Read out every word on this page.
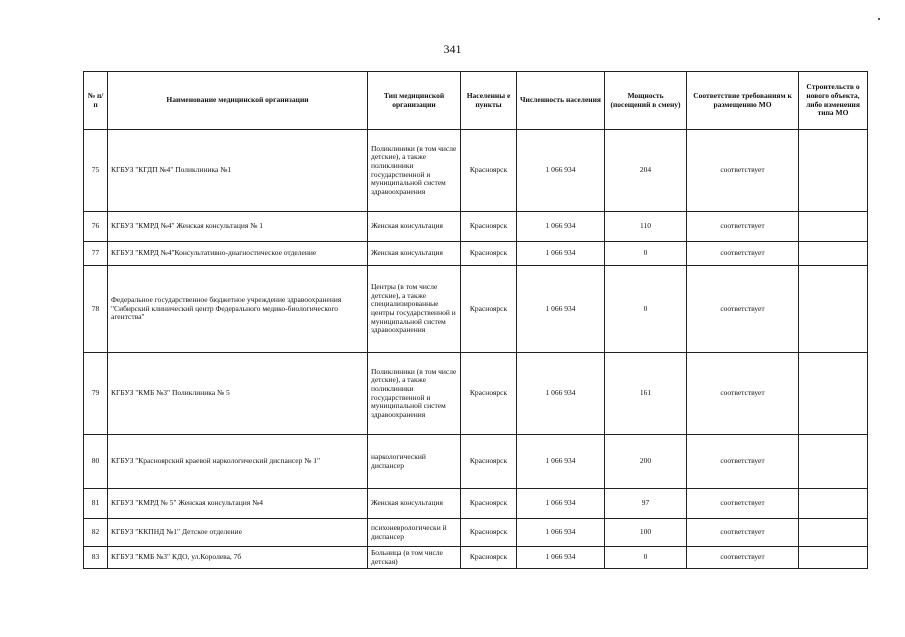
341
№ п/п	Наименование медицинской организации	Тип медицинской организации	Населенны е пункты	Численность населения	Мощность (посещений в смену)	Соответствие требованиям к размещению МО	Строительств о нового объекта, либо изменения типа МО
75	КГБУЗ "КГДП №4" Поликлиника №1	Поликлиники (в том числе детские), а также поликлиники государственной и муниципальной систем здравоохранения	Красноярск	1 066 934	204	соответствует	
76	КГБУЗ "КМРД №4" Женская консультация № 1	Женская консультация	Красноярск	1 066 934	110	соответствует	
77	КГБУЗ "КМРД №4"Консультативно-диагностическое отделение	Женская консультация	Красноярск	1 066 934	0	соответствует	
78	Федеральное государственное бюджетное учреждение здравоохранения "Сибирский клинический центр Федерального медико-биологического агентства"	Центры (в том числе детские), а также специализированные центры государственной и муниципальной систем здравоохранения	Красноярск	1 066 934	0	соответствует	
79	КГБУЗ "КМБ №3" Поликлиника № 5	Поликлиники (в том числе детские), а также поликлиники государственной и муниципальной систем здравоохранения	Красноярск	1 066 934	161	соответствует	
80	КГБУЗ "Красноярский краевой наркологический диспансер № 1"	наркологический диспансер	Красноярск	1 066 934	200	соответствует	
81	КГБУЗ "КМРД № 5" Женская консультация №4	Женская консультация	Красноярск	1 066 934	97	соответствует	
82	КГБУЗ "ККПНД №1" Детское отделение	психоневрологически й диспансер	Красноярск	1 066 934	100	соответствует	
83	КГБУЗ "КМБ №3" КДО, ул.Королева, 7б	Больница (в том числе детская)	Красноярск	1 066 934	0	соответствует	
